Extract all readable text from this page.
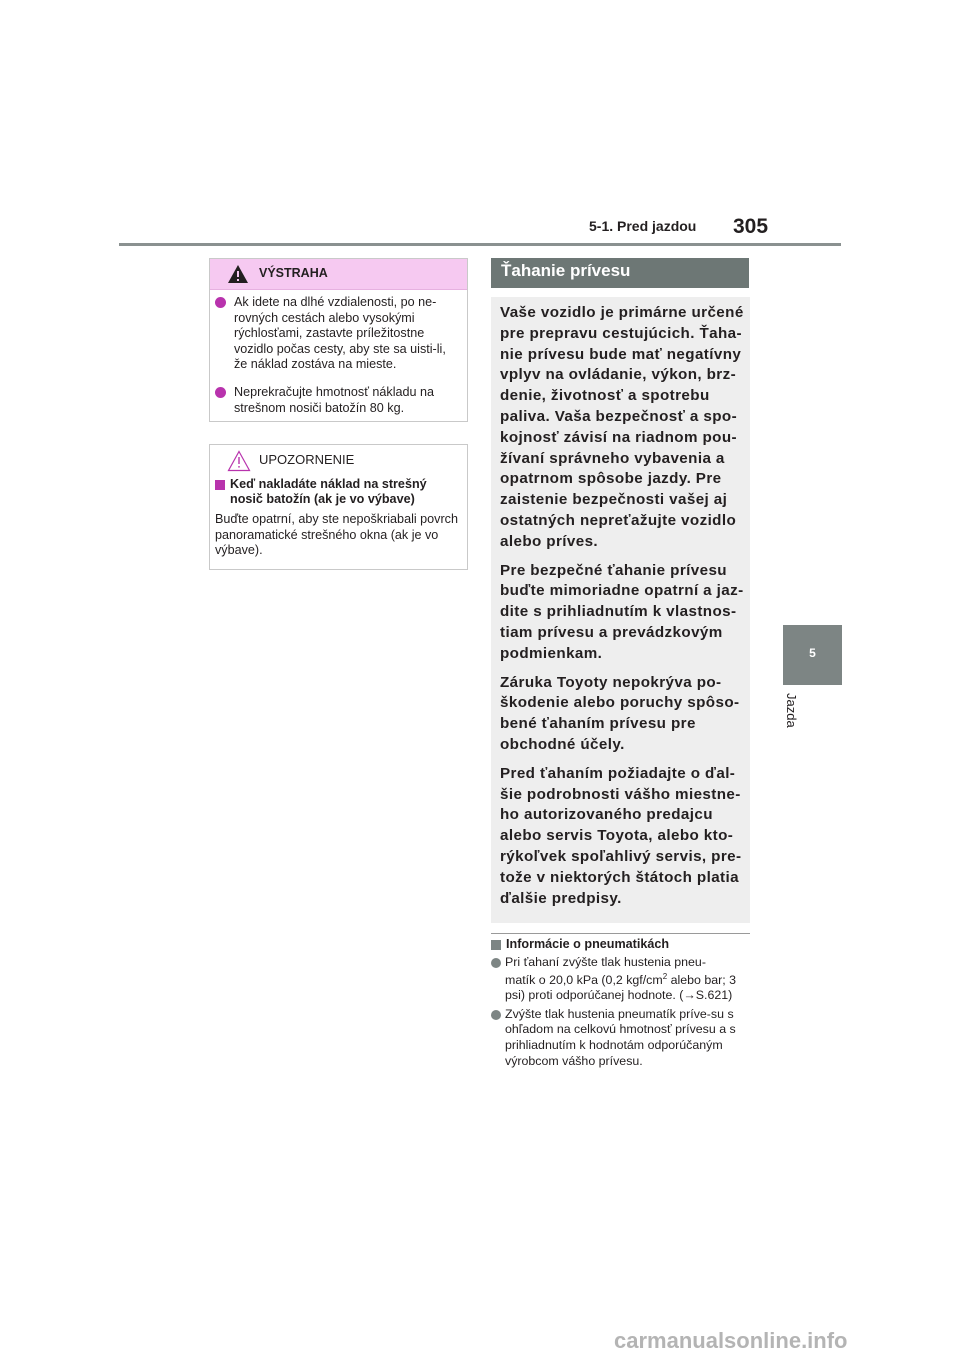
5-1. Pred jazdou 305
5
Jazda
VÝSTRAHA
Ak idete na dlhé vzdialenosti, po ne-rovných cestách alebo vysokými rýchlosťami, zastavte príležitostne vozidlo počas cesty, aby ste sa uisti-li, že náklad zostáva na mieste.
Neprekračujte hmotnosť nákladu na strešnom nosiči batožín 80 kg.
UPOZORNENIE
Keď nakladáte náklad na strešný nosič batožín (ak je vo výbave)
Buďte opatrní, aby ste nepoškriabali povrch panoramatické strešného okna (ak je vo výbave).
Ťahanie prívesu

Vaše vozidlo je primárne určené pre prepravu cestujúcich. Ťaha-nie prívesu bude mať negatívny vplyv na ovládanie, výkon, brz-denie, životnosť a spotrebu paliva. Vaša bezpečnosť a spo-kojnosť závisí na riadnom pou-žívaní správneho vybavenia a opatrnom spôsobe jazdy. Pre zaistenie bezpečnosti vašej aj ostatných nepreťažujte vozidlo alebo príves.

Pre bezpečné ťahanie prívesu buďte mimoriadne opatrní a jaz-dite s prihliadnutím k vlastnos-tiam prívesu a prevádzkovým podmienkam.

Záruka Toyoty nepokrýva po-škodenie alebo poruchy spôso-bené ťahaním prívesu pre obchodné účely.

Pred ťahaním požiadajte o ďal-šie podrobnosti vášho miestne-ho autorizovaného predajcu alebo servis Toyota, alebo kto-rýkoľvek spoľahlivý servis, pre-tože v niektorých štátoch platia ďalšie predpisy.

Informácie o pneumatikách
Pri ťahaní zvýšte tlak hustenia pneu-
matík o 20,0 kPa (0,2 kgf/$cm^2$ alebo bar; 3 psi) proti odporúčanej hodnote. (→S.621)
Zvýšte tlak hustenia pneumatík príve-su s ohľadom na celkovú hmotnosť prívesu a s prihliadnutím k hodnotám odporúčaným výrobcom vášho prívesu.
carmanualsonline.info
